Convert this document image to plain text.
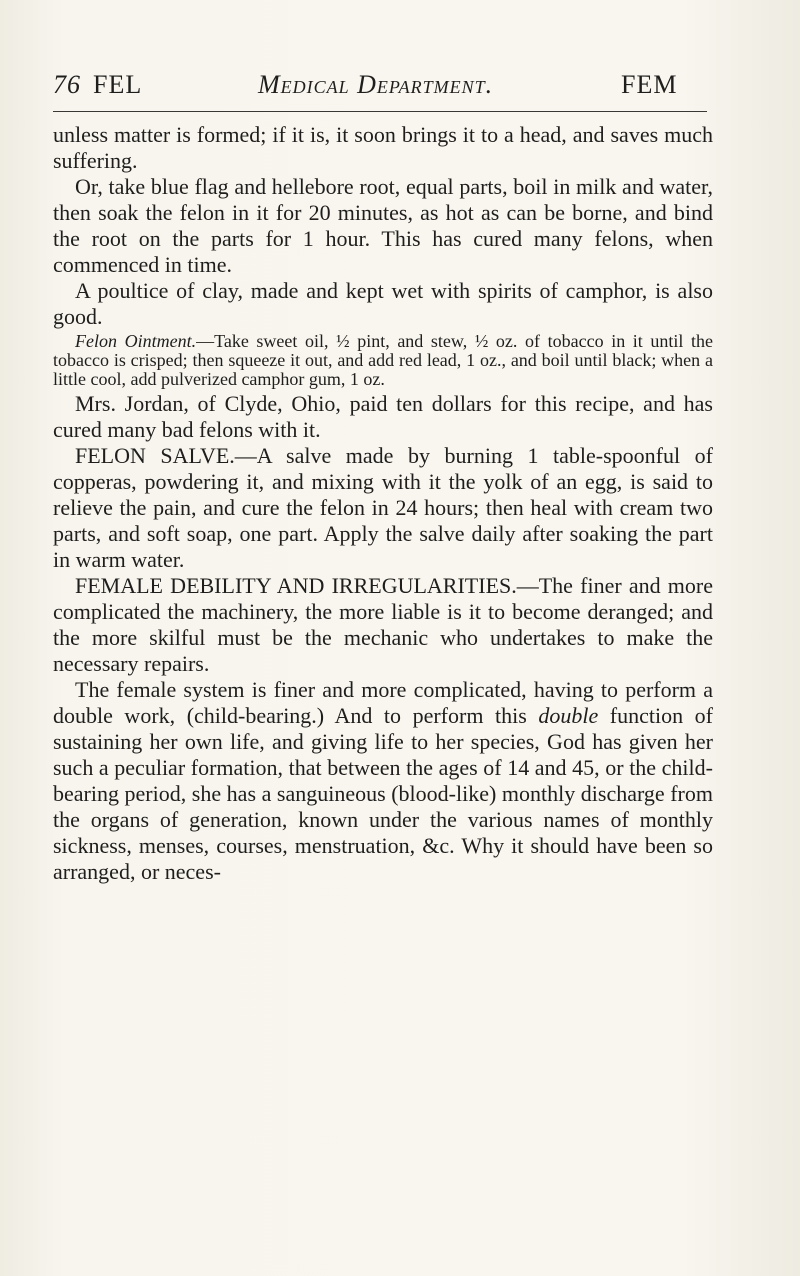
76 FEL	Medical Department.	FEM

unless matter is formed; if it is, it soon brings it to a head, and saves much suffering.

Or, take blue flag and hellebore root, equal parts, boil in milk and water, then soak the felon in it for 20 minutes, as hot as can be borne, and bind the root on the parts for 1 hour. This has cured many felons, when commenced in time.

A poultice of clay, made and kept wet with spirits of camphor, is also good.

Felon Ointment.—Take sweet oil, ½ pint, and stew, ½ oz. of tobacco in it until the tobacco is crisped; then squeeze it out, and add red lead, 1 oz., and boil until black; when a little cool, add pulverized camphor gum, 1 oz.

Mrs. Jordan, of Clyde, Ohio, paid ten dollars for this recipe, and has cured many bad felons with it.

FELON SALVE.—A salve made by burning 1 table-spoonful of copperas, powdering it, and mixing with it the yolk of an egg, is said to relieve the pain, and cure the felon in 24 hours; then heal with cream two parts, and soft soap, one part. Apply the salve daily after soaking the part in warm water.

FEMALE DEBILITY AND IRREGULARITIES.—The finer and more complicated the machinery, the more liable is it to become deranged; and the more skilful must be the mechanic who undertakes to make the necessary repairs.

The female system is finer and more complicated, having to perform a double work, (child-bearing.) And to perform this double function of sustaining her own life, and giving life to her species, God has given her such a peculiar formation, that between the ages of 14 and 45, or the child-bearing period, she has a sanguineous (blood-like) monthly discharge from the organs of generation, known under the various names of monthly sickness, menses, courses, menstruation, &c. Why it should have been so arranged, or neces-
